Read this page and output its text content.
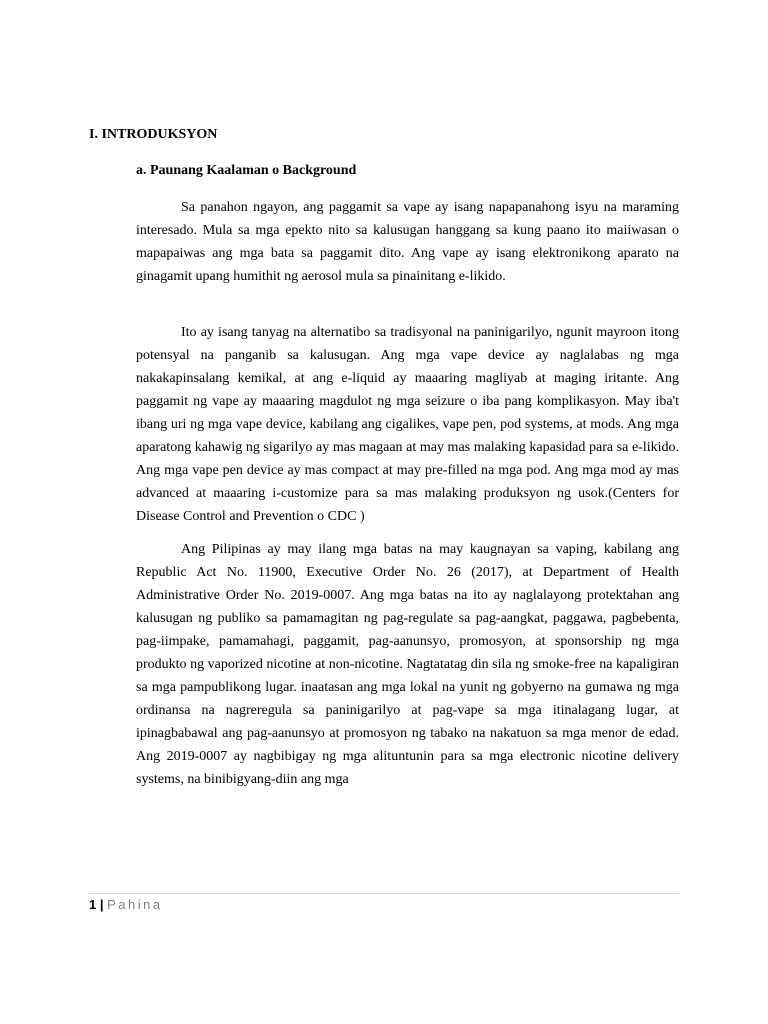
I. INTRODUKSYON

a. Paunang Kaalaman o Background

Sa panahon ngayon, ang paggamit sa vape ay isang napapanahong isyu na maraming interesado. Mula sa mga epekto nito sa kalusugan hanggang sa kung paano ito maiiwasan o mapapaiwas ang mga bata sa paggamit dito. Ang vape ay isang elektronikong aparato na ginagamit upang humithit ng aerosol mula sa pinainitang e-likido.

Ito ay isang tanyag na alternatibo sa tradisyonal na paninigarilyo, ngunit mayroon itong potensyal na panganib sa kalusugan. Ang mga vape device ay naglalabas ng mga nakakapinsalang kemikal, at ang e-liquid ay maaaring magliyab at maging iritante. Ang paggamit ng vape ay maaaring magdulot ng mga seizure o iba pang komplikasyon. May iba't ibang uri ng mga vape device, kabilang ang cigalikes, vape pen, pod systems, at mods. Ang mga aparatong kahawig ng sigarilyo ay mas magaan at may mas malaking kapasidad para sa e-likido. Ang mga vape pen device ay mas compact at may pre-filled na mga pod. Ang mga mod ay mas advanced at maaaring i-customize para sa mas malaking produksyon ng usok.(Centers for Disease Control and Prevention o CDC )

Ang Pilipinas ay may ilang mga batas na may kaugnayan sa vaping, kabilang ang Republic Act No. 11900, Executive Order No. 26 (2017), at Department of Health Administrative Order No. 2019-0007. Ang mga batas na ito ay naglalayong protektahan ang kalusugan ng publiko sa pamamagitan ng pag-regulate sa pag-aangkat, paggawa, pagbebenta, pag-iimpake, pamamahagi, paggamit, pag-aanunsyo, promosyon, at sponsorship ng mga produkto ng vaporized nicotine at non-nicotine. Nagtatatag din sila ng smoke-free na kapaligiran sa mga pampublikong lugar. inaatasan ang mga lokal na yunit ng gobyerno na gumawa ng mga ordinansa na nagreregula sa paninigarilyo at pag-vape sa mga itinalagang lugar, at ipinagbabawal ang pag-aanunsyo at promosyon ng tabako na nakatuon sa mga menor de edad. Ang 2019-0007 ay nagbibigay ng mga alituntunin para sa mga electronic nicotine delivery systems, na binibigyang-diin ang mga

1 | Pahina
